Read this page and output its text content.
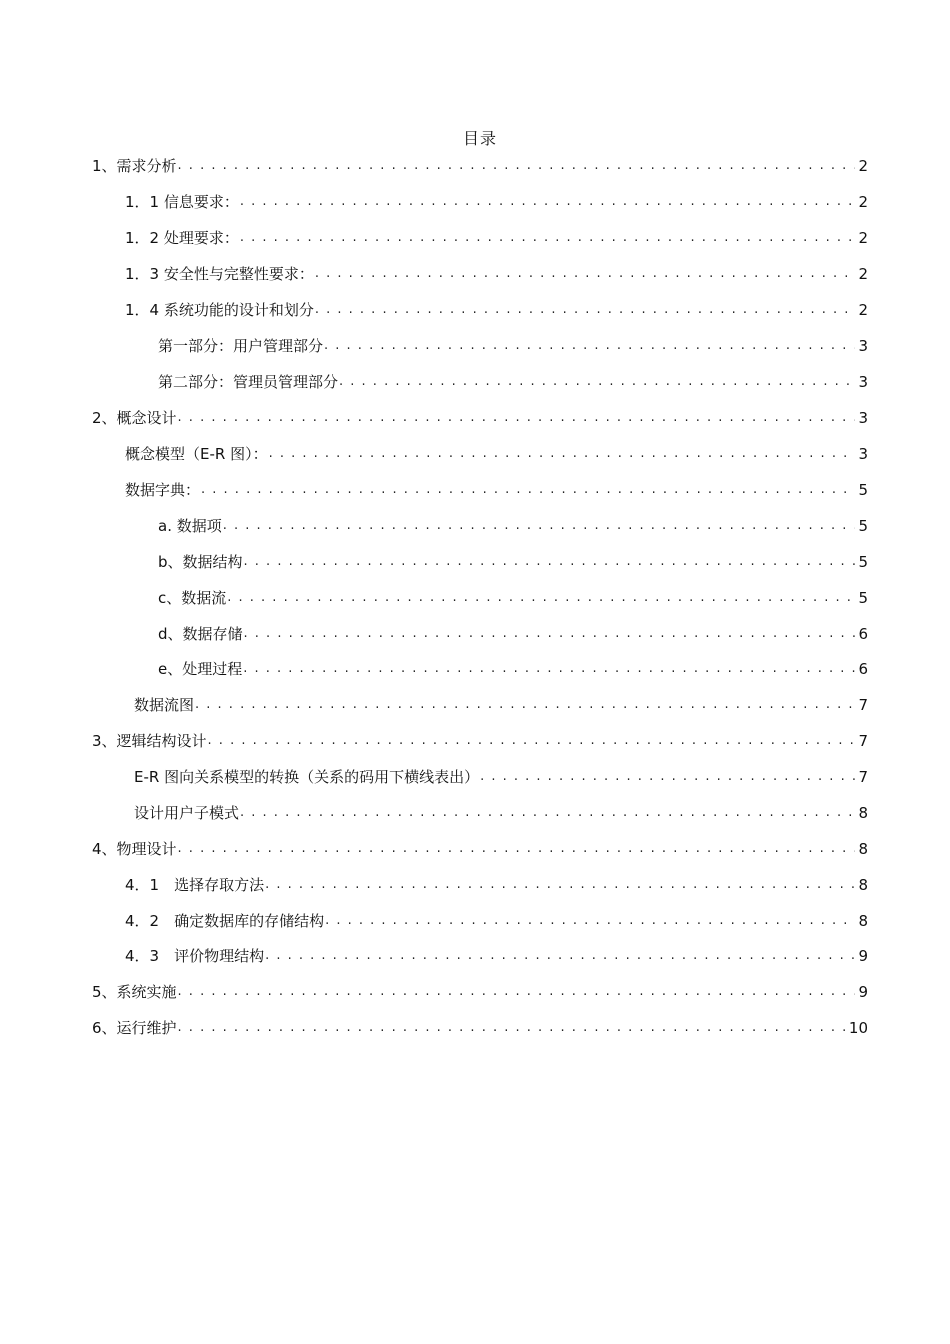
目录
1、需求分析 . . .	2
1．1 信息要求： . . .	2
1．2 处理要求： . . .	2
1．3 安全性与完整性要求： . . .	2
1．4 系统功能的设计和划分 . . .	2
第一部分：用户管理部分 . . .	3
第二部分：管理员管理部分 . . .	3
2、概念设计 . . .	3
概念模型（E-R 图）： . . .	3
数据字典： . . .	5
a. 数据项 . . .	5
b、数据结构 . . .	5
c、数据流 . . .	5
d、数据存储 . . .	6
e、处理过程 . . .	6
数据流图 . . .	7
3、逻辑结构设计 . . .	7
E-R 图向关系模型的转换（关系的码用下横线表出） . . .	7
设计用户子模式 . . .	8
4、物理设计 . . .	8
4．1　选择存取方法 . . .	8
4．2　确定数据库的存储结构 . . .	8
4．3　评价物理结构 . . .	9
5、系统实施 . . .	9
6、运行维护 . . .	10
